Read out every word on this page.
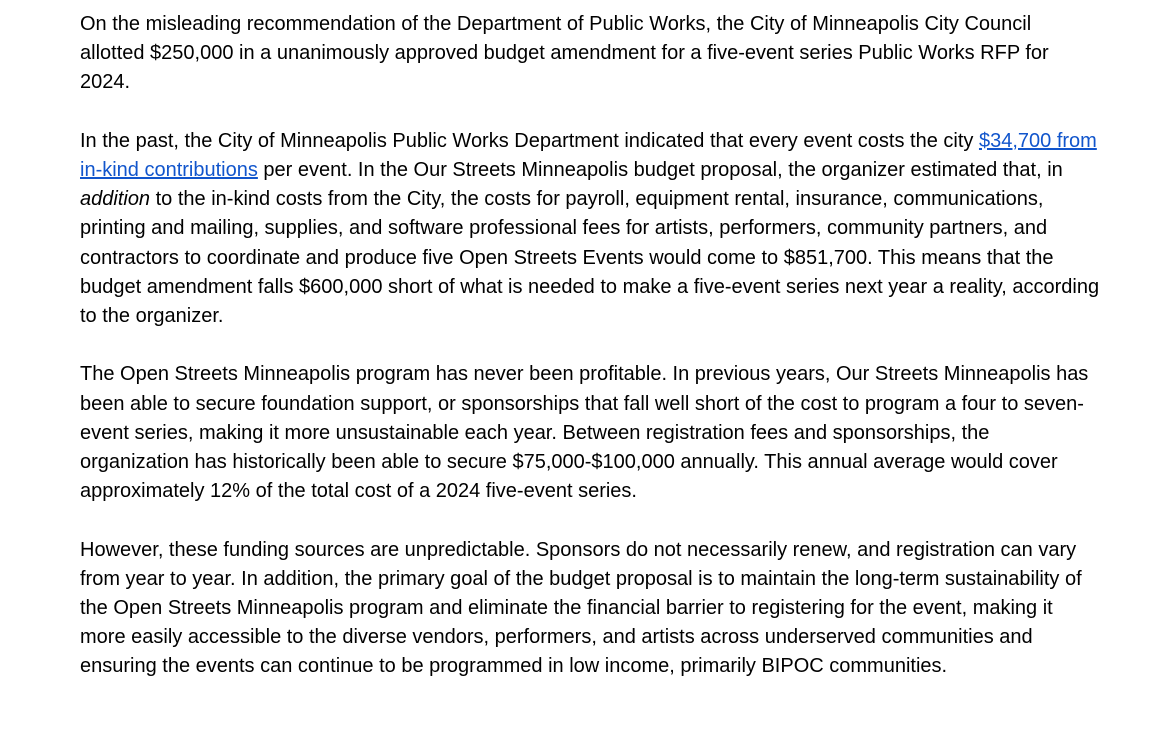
On the misleading recommendation of the Department of Public Works, the City of Minneapolis City Council allotted $250,000 in a unanimously approved budget amendment for a five-event series Public Works RFP for 2024.

In the past, the City of Minneapolis Public Works Department indicated that every event costs the city $34,700 from in-kind contributions per event. In the Our Streets Minneapolis budget proposal, the organizer estimated that, in addition to the in-kind costs from the City, the costs for payroll, equipment rental, insurance, communications, printing and mailing, supplies, and software professional fees for artists, performers, community partners, and contractors to coordinate and produce five Open Streets Events would come to $851,700. This means that the budget amendment falls $600,000 short of what is needed to make a five-event series next year a reality, according to the organizer.

The Open Streets Minneapolis program has never been profitable. In previous years, Our Streets Minneapolis has been able to secure foundation support, or sponsorships that fall well short of the cost to program a four to seven-event series, making it more unsustainable each year. Between registration fees and sponsorships, the organization has historically been able to secure $75,000-$100,000 annually. This annual average would cover approximately 12% of the total cost of a 2024 five-event series.

However, these funding sources are unpredictable. Sponsors do not necessarily renew, and registration can vary from year to year. In addition, the primary goal of the budget proposal is to maintain the long-term sustainability of the Open Streets Minneapolis program and eliminate the financial barrier to registering for the event, making it more easily accessible to the diverse vendors, performers, and artists across underserved communities and ensuring the events can continue to be programmed in low income, primarily BIPOC communities.
